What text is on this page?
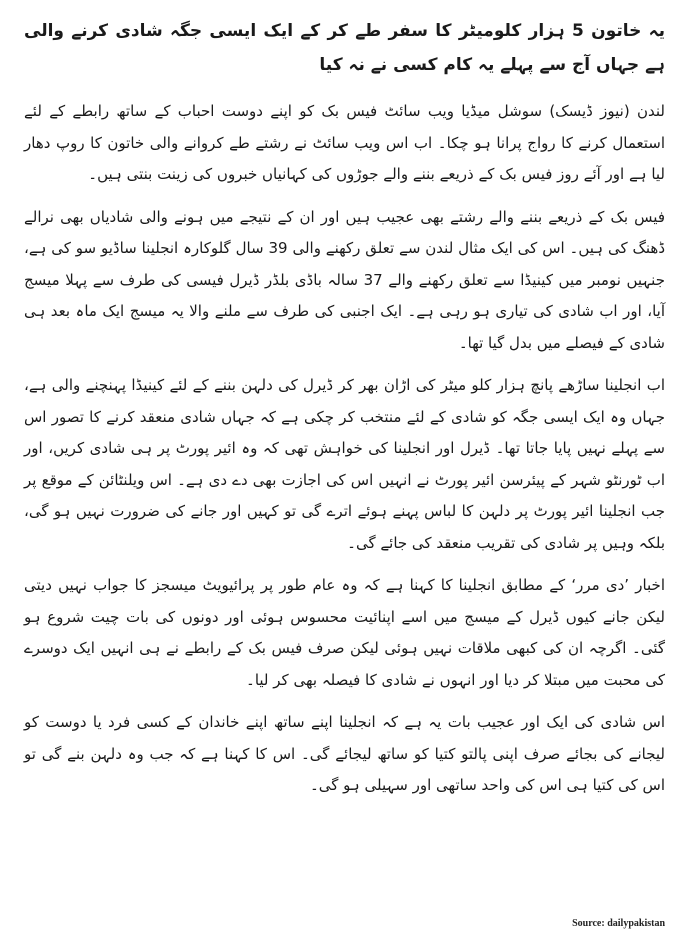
یہ خاتون 5 ہزار کلومیٹر کا سفر طے کر کے ایک ایسی جگہ شادی کرنے والی ہے جہاں آج سے پہلے یہ کام کسی نے نہ کیا
لندن (نیوز ڈیسک) سوشل میڈیا ویب سائٹ فیس بک کو اپنے دوست احباب کے ساتھ رابطے کے لئے استعمال کرنے کا رواج پرانا ہو چکا۔ اب اس ویب سائٹ نے رشتے طے کروانے والی خاتون کا روپ دھار لیا ہے اور آئے روز فیس بک کے ذریعے بننے والے جوڑوں کی کہانیاں خبروں کی زینت بنتی ہیں۔
فیس بک کے ذریعے بننے والے رشتے بھی عجیب ہیں اور ان کے نتیجے میں ہونے والی شادیاں بھی نرالے ڈھنگ کی ہیں۔ اس کی ایک مثال لندن سے تعلق رکھنے والی 39 سال گلوکارہ انجلینا ساڈیو سو کی ہے، جنہیں نومبر میں کینیڈا سے تعلق رکھنے والے 37 سالہ باڈی بلڈر ڈیرل فیسی کی طرف سے پہلا میسج آیا، اور اب شادی کی تیاری ہو رہی ہے۔ ایک اجنبی کی طرف سے ملنے والا یہ میسج ایک ماہ بعد ہی شادی کے فیصلے میں بدل گیا تھا۔
اب انجلینا ساڑھے پانچ ہزار کلو میٹر کی اڑان بھر کر ڈیرل کی دلہن بننے کے لئے کینیڈا پہنچنے والی ہے، جہاں وہ ایک ایسی جگہ کو شادی کے لئے منتخب کر چکی ہے کہ جہاں شادی منعقد کرنے کا تصور اس سے پہلے نہیں پایا جاتا تھا۔ ڈیرل اور انجلینا کی خواہش تھی کہ وہ ائیر پورٹ پر ہی شادی کریں، اور اب ٹورنٹو شہر کے پیئرسن ائیر پورٹ نے انہیں اس کی اجازت بھی دے دی ہے۔ اس ویلنٹائن کے موقع پر جب انجلینا ائیر پورٹ پر دلہن کا لباس پہنے ہوئے اترے گی تو کہیں اور جانے کی ضرورت نہیں ہو گی، بلکہ وہیں پر شادی کی تقریب منعقد کی جائے گی۔
اخبار ’دی مرر‘ کے مطابق انجلینا کا کہنا ہے کہ وہ عام طور پر پرائیویٹ میسجز کا جواب نہیں دیتی لیکن جانے کیوں ڈیرل کے میسج میں اسے اپنائیت محسوس ہوئی اور دونوں کی بات چیت شروع ہو گئی۔ اگرچہ ان کی کبھی ملاقات نہیں ہوئی لیکن صرف فیس بک کے رابطے نے ہی انہیں ایک دوسرے کی محبت میں مبتلا کر دیا اور انہوں نے شادی کا فیصلہ بھی کر لیا۔
اس شادی کی ایک اور عجیب بات یہ ہے کہ انجلینا اپنے ساتھ اپنے خاندان کے کسی فرد یا دوست کو لیجانے کی بجائے صرف اپنی پالتو کتیا کو ساتھ لیجائے گی۔ اس کا کہنا ہے کہ جب وہ دلہن بنے گی تو اس کی کتیا ہی اس کی واحد ساتھی اور سہیلی ہو گی۔
Source: dailypakistan
